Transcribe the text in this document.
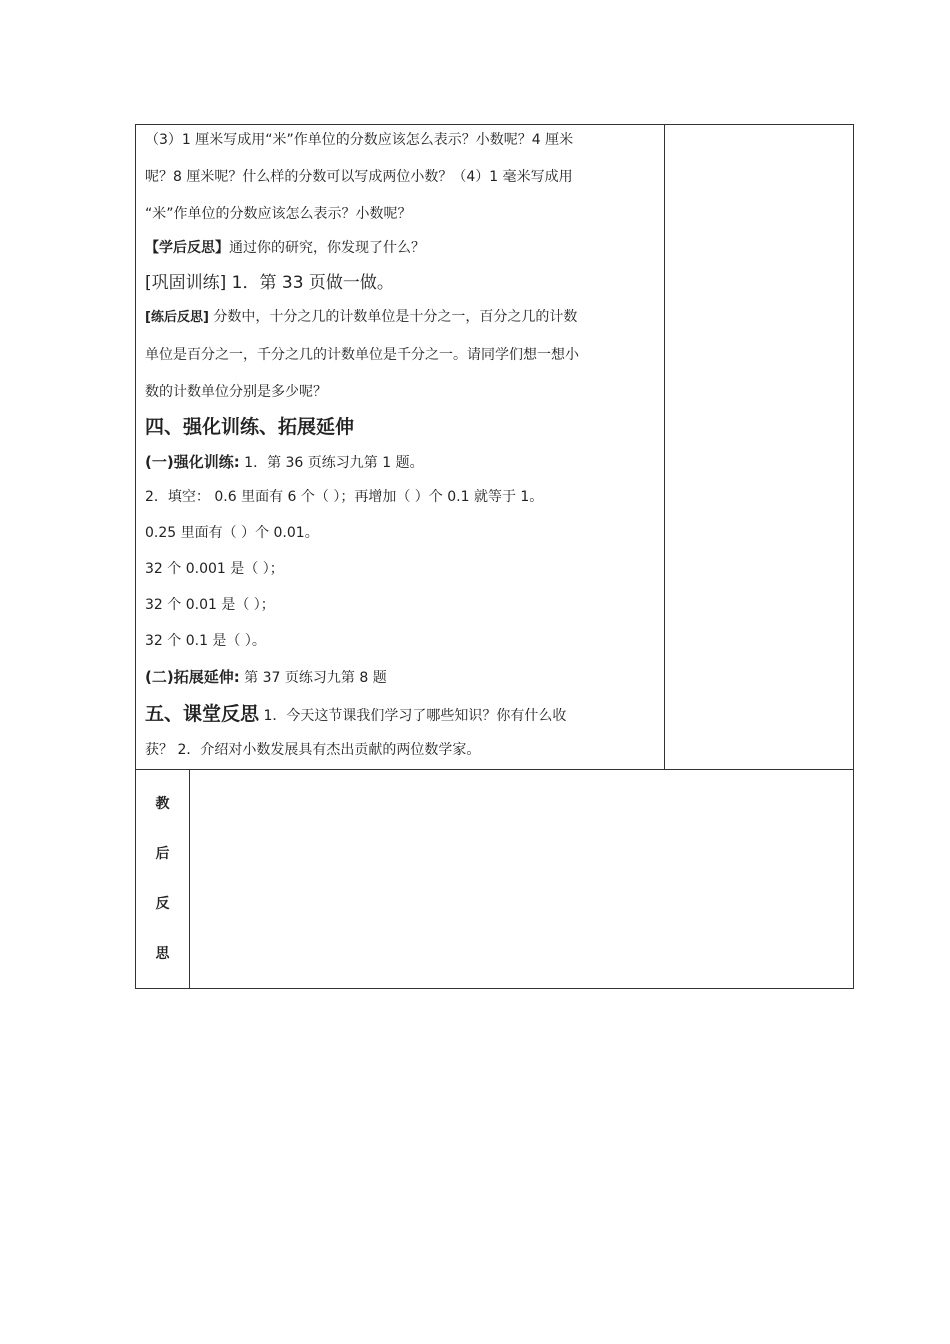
（3）1 厘米写成用“米”作单位的分数应该怎么表示？小数呢？4 厘米
呢？8 厘米呢？什么样的分数可以写成两位小数？（4）1 毫米写成用
“米”作单位的分数应该怎么表示？小数呢？
【学后反思】通过你的研究，你发现了什么？
[巩固训练] 1．第 33 页做一做。
[练后反思] 分数中，十分之几的计数单位是十分之一，百分之几的计数
单位是百分之一，千分之几的计数单位是千分之一。请同学们想一想小
数的计数单位分别是多少呢？
四、强化训练、拓展延伸
(一)强化训练: 1．第 36 页练习九第 1 题。
2．填空： 0.6 里面有 6 个（ ）；再增加（ ）个 0.1 就等于 1。
0.25 里面有（ ）个 0.01。
32 个 0.001 是（ ）；
32 个 0.01 是（ ）；
32 个 0.1 是（ ）。
(二)拓展延伸: 第 37 页练习九第 8 题
五、课堂反思 1．今天这节课我们学习了哪些知识？你有什么收
获？ 2．介绍对小数发展具有杰出贡献的两位数学家。
教
后
反
思
